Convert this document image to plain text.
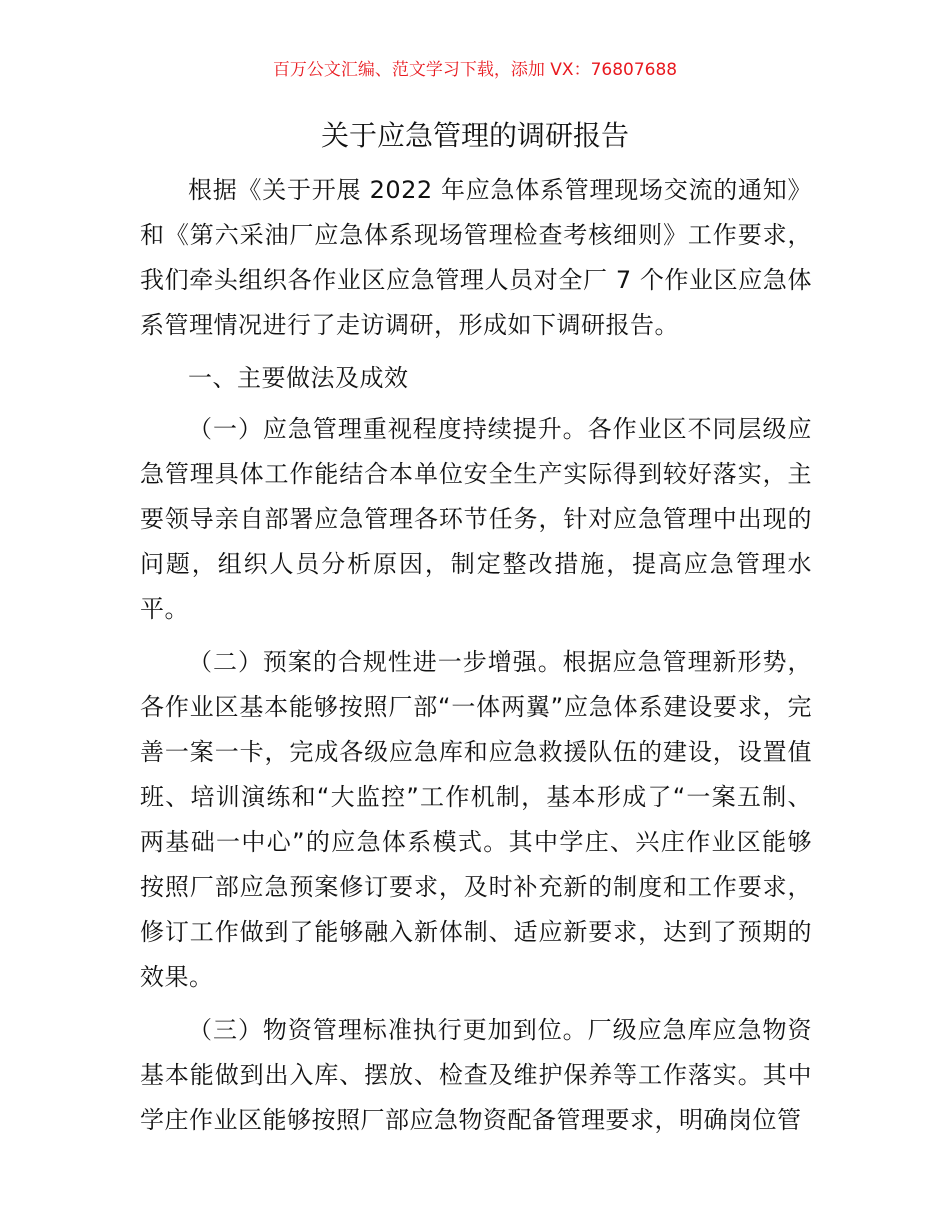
百万公文汇编、范文学习下载，添加 VX：76807688
关于应急管理的调研报告

根据《关于开展 2022 年应急体系管理现场交流的通知》和《第六采油厂应急体系现场管理检查考核细则》工作要求，我们牵头组织各作业区应急管理人员对全厂 7 个作业区应急体系管理情况进行了走访调研，形成如下调研报告。

一、主要做法及成效

（一）应急管理重视程度持续提升。各作业区不同层级应急管理具体工作能结合本单位安全生产实际得到较好落实，主要领导亲自部署应急管理各环节任务，针对应急管理中出现的问题，组织人员分析原因，制定整改措施，提高应急管理水平。

（二）预案的合规性进一步增强。根据应急管理新形势，各作业区基本能够按照厂部“一体两翼”应急体系建设要求，完善一案一卡，完成各级应急库和应急救援队伍的建设，设置值班、培训演练和“大监控”工作机制，基本形成了“一案五制、两基础一中心”的应急体系模式。其中学庄、兴庄作业区能够按照厂部应急预案修订要求，及时补充新的制度和工作要求，修订工作做到了能够融入新体制、适应新要求，达到了预期的效果。

（三）物资管理标准执行更加到位。厂级应急库应急物资基本能做到出入库、摆放、检查及维护保养等工作落实。其中学庄作业区能够按照厂部应急物资配备管理要求，明确岗位管
